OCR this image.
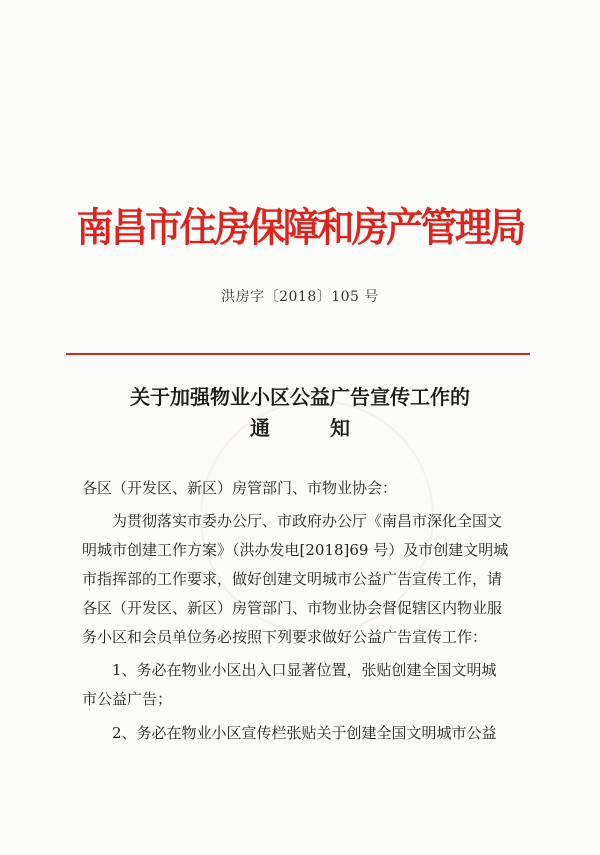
南昌市住房保障和房产管理局
洪房字〔2018〕105 号
关于加强物业小区公益广告宣传工作的
通知
各区（开发区、新区）房管部门、市物业协会：
为贯彻落实市委办公厅、市政府办公厅《南昌市深化全国文
明城市创建工作方案》（洪办发电[2018]69 号）及市创建文明城
市指挥部的工作要求，做好创建文明城市公益广告宣传工作，请
各区（开发区、新区）房管部门、市物业协会督促辖区内物业服
务小区和会员单位务必按照下列要求做好公益广告宣传工作：
1、务必在物业小区出入口显著位置，张贴创建全国文明城
市公益广告；
2、务必在物业小区宣传栏张贴关于创建全国文明城市公益
